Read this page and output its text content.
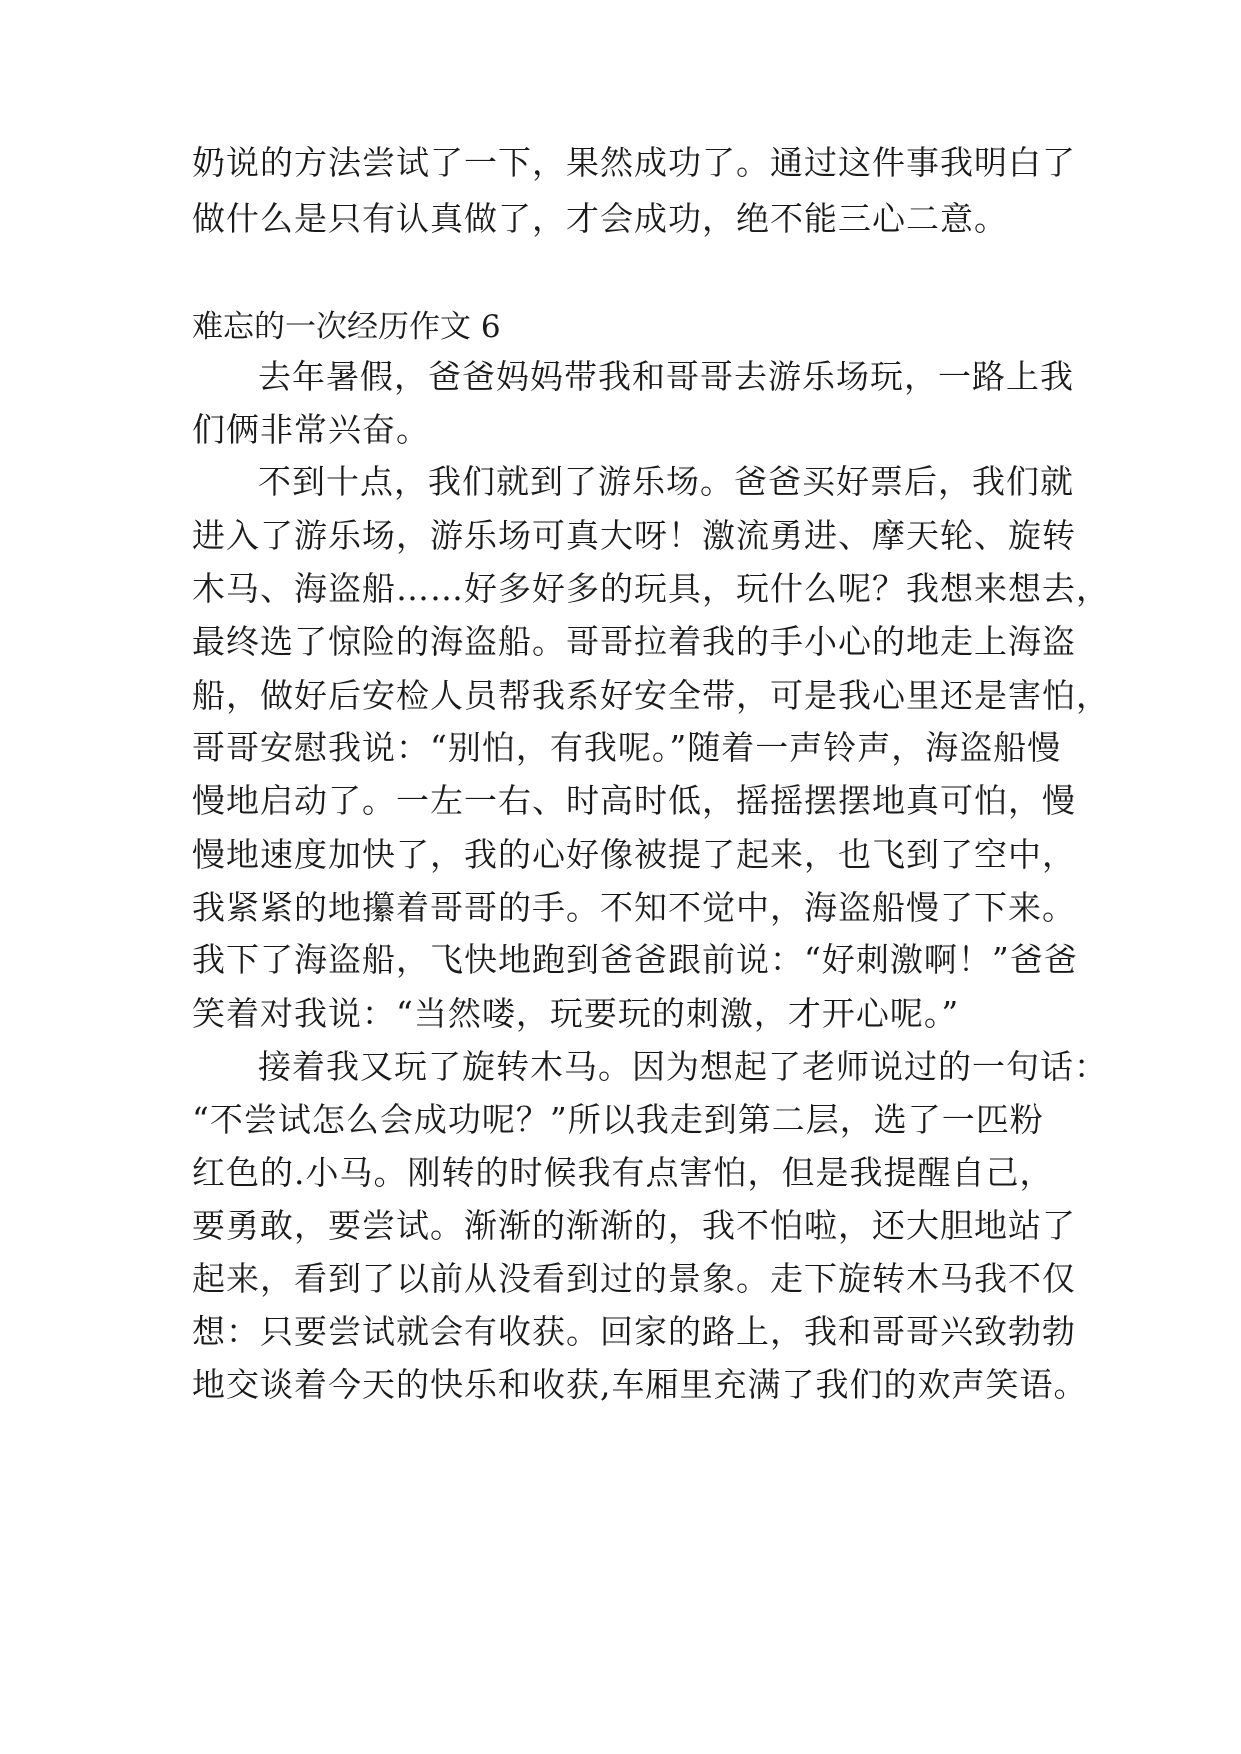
奶说的方法尝试了一下，果然成功了。通过这件事我明白了
做什么是只有认真做了，才会成功，绝不能三心二意。
难忘的一次经历作文 6
去年暑假，爸爸妈妈带我和哥哥去游乐场玩，一路上我
们俩非常兴奋。
不到十点，我们就到了游乐场。爸爸买好票后，我们就
进入了游乐场，游乐场可真大呀！激流勇进、摩天轮、旋转
木马、海盗船……好多好多的玩具，玩什么呢？我想来想去，
最终选了惊险的海盗船。哥哥拉着我的手小心的地走上海盗
船，做好后安检人员帮我系好安全带，可是我心里还是害怕，
哥哥安慰我说：“别怕，有我呢。”随着一声铃声，海盗船慢
慢地启动了。一左一右、时高时低，摇摇摆摆地真可怕，慢
慢地速度加快了，我的心好像被提了起来，也飞到了空中，
我紧紧的地攥着哥哥的手。不知不觉中，海盗船慢了下来。
我下了海盗船，飞快地跑到爸爸跟前说：“好刺激啊！”爸爸
笑着对我说：“当然喽，玩要玩的刺激，才开心呢。”
接着我又玩了旋转木马。因为想起了老师说过的一句话：
“不尝试怎么会成功呢？”所以我走到第二层，选了一匹粉
红色的.小马。刚转的时候我有点害怕，但是我提醒自己，
要勇敢，要尝试。渐渐的渐渐的，我不怕啦，还大胆地站了
起来，看到了以前从没看到过的景象。走下旋转木马我不仅
想：只要尝试就会有收获。回家的路上，我和哥哥兴致勃勃
地交谈着今天的快乐和收获,车厢里充满了我们的欢声笑语。
